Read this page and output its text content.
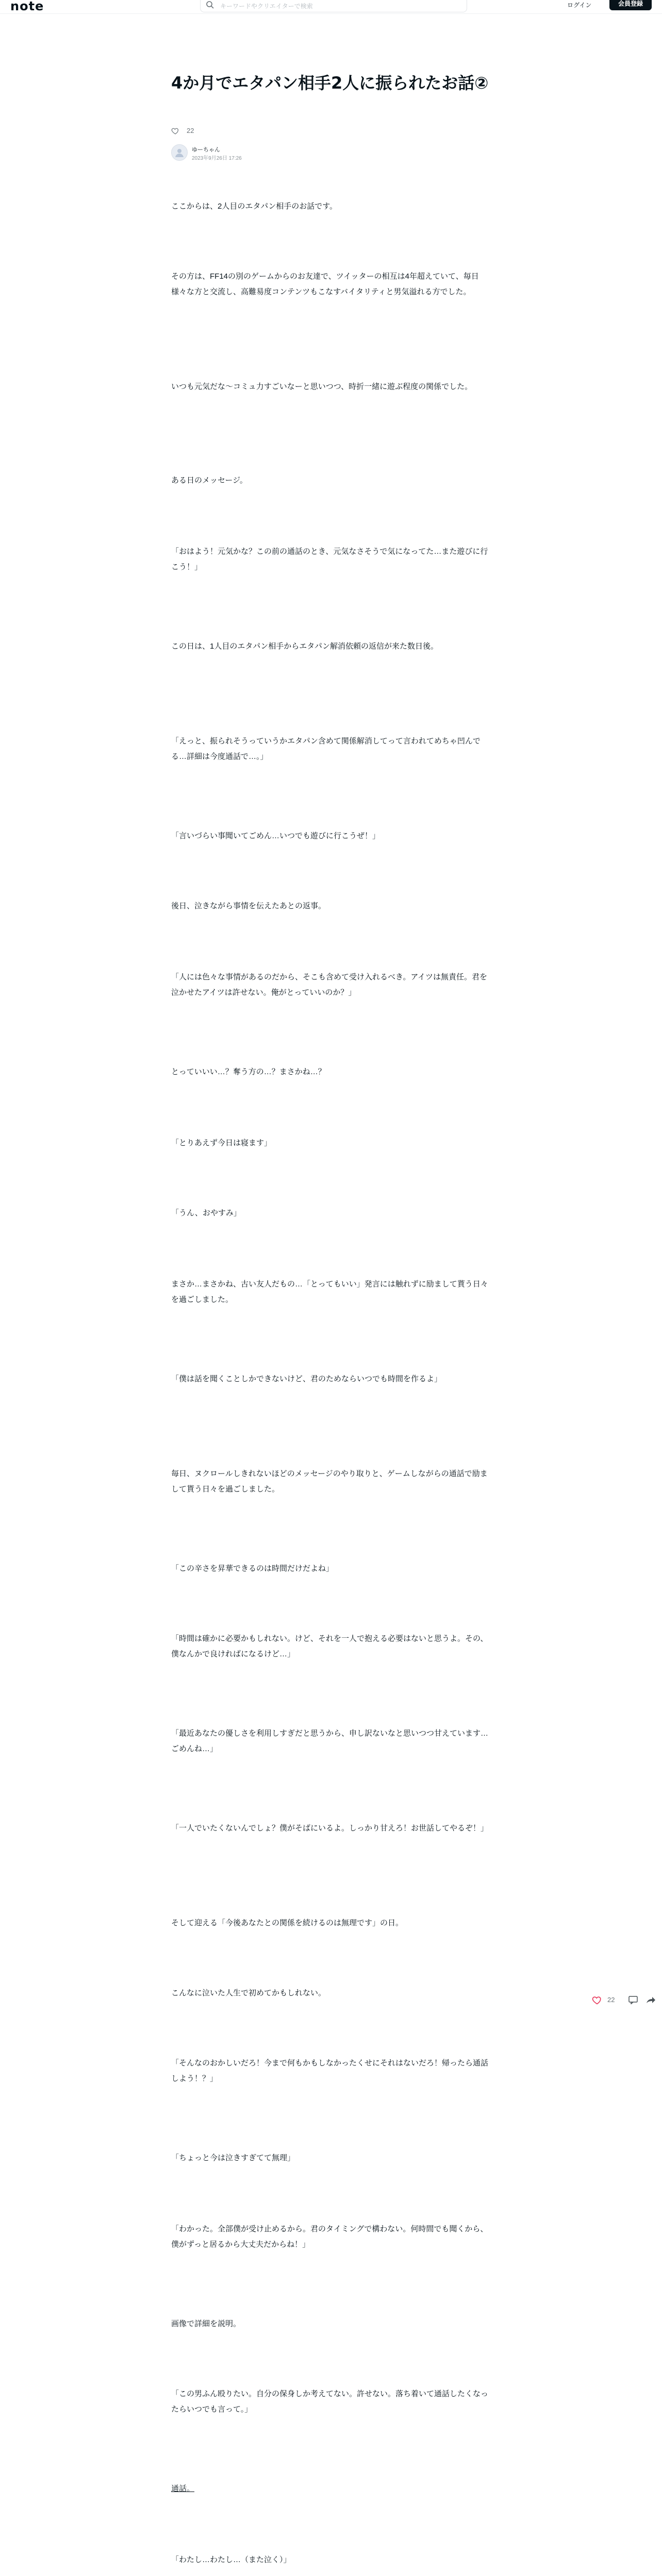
note	キーワードやクリエイターで検索	ログイン	会員登録
4か月でエタパン相手2人に振られたお話②
22
ゆーちゃん
2023年9月26日 17:26

ここからは、2人目のエタパン相手のお話です。

その方は、FF14の別のゲームからのお友達で、ツイッターの相互は4年超えていて、毎日様々な方と交流し、高難易度コンテンツもこなすバイタリティと男気溢れる方でした。

いつも元気だな〜コミュ力すごいなーと思いつつ、時折一緒に遊ぶ程度の関係でした。

ある日のメッセージ。

「おはよう！元気かな？この前の通話のとき、元気なさそうで気になってた…また遊びに行こう！」

この日は、1人目のエタパン相手からエタパン解消依頼の返信が来た数日後。

「えっと、振られそうっていうかエタパン含めて関係解消してって言われてめちゃ凹んでる…詳細は今度通話で…。」

「言いづらい事聞いてごめん…いつでも遊びに行こうぜ！」

後日、泣きながら事情を伝えたあとの返事。

「人には色々な事情があるのだから、そこも含めて受け入れるべき。アイツは無責任。君を泣かせたアイツは許せない。俺がとっていいのか？」

とっていいい…？奪う方の…？まさかね…？

「とりあえず今日は寝ます」

「うん、おやすみ」

まさか…まさかね、古い友人だもの…「とってもいい」発言には触れずに励まして貰う日々を過ごしました。

「僕は話を聞くことしかできないけど、君のためならいつでも時間を作るよ」

毎日、ヌクロールしきれないほどのメッセージのやり取りと、ゲームしながらの通話で励まして貰う日々を過ごしました。

「この辛さを昇華できるのは時間だけだよね」

「時間は確かに必要かもしれない。けど、それを一人で抱える必要はないと思うよ。その、僕なんかで良ければになるけど…」

「最近あなたの優しさを利用しすぎだと思うから、申し訳ないなと思いつつ甘えています…ごめんね…」

「一人でいたくないんでしょ？僕がそばにいるよ。しっかり甘えろ！お世話してやるぞ！」

そして迎える「今後あなたとの関係を続けるのは無理です」の日。

こんなに泣いた人生で初めてかもしれない。

「そんなのおかしいだろ！今まで何もかもしなかったくせにそれはないだろ！帰ったら通話しよう！？」

「ちょっと今は泣きすぎてて無理」

「わかった。全部僕が受け止めるから。君のタイミングで構わない。何時間でも聞くから、僕がずっと居るから大丈夫だからね！」

画像で詳細を説明。

「この男ふん殴りたい。自分の保身しか考えてない。許せない。落ち着いて通話したくなったらいつでも言って。」

通話。

「わたし…わたし…（また泣く）」

22
